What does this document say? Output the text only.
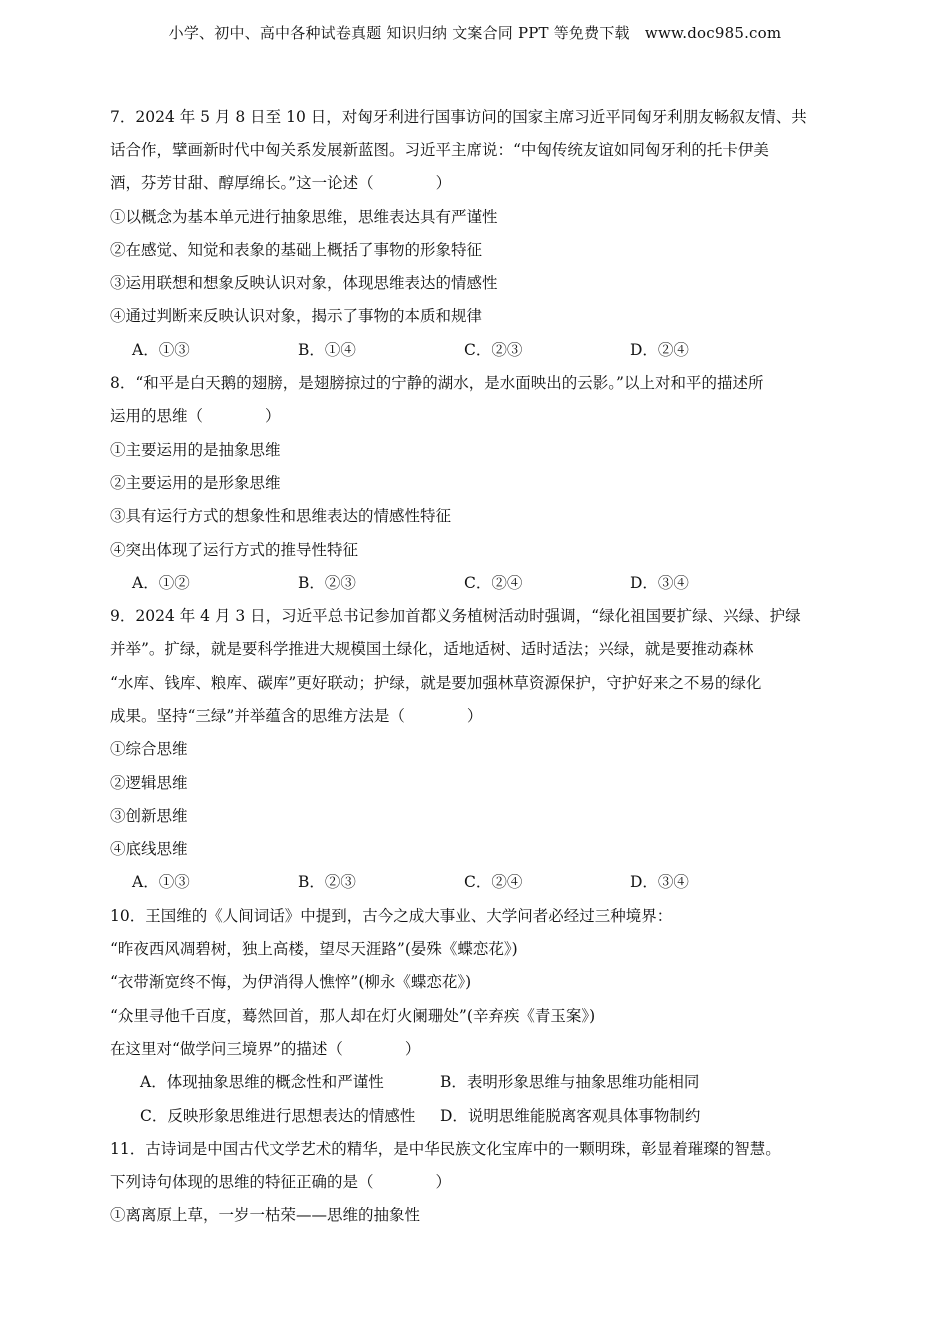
小学、初中、高中各种试卷真题 知识归纳 文案合同 PPT 等免费下载　www.doc985.com

7．2024 年 5 月 8 日至 10 日，对匈牙利进行国事访问的国家主席习近平同匈牙利朋友畅叙友情、共

话合作，擘画新时代中匈关系发展新蓝图。习近平主席说：“中匈传统友谊如同匈牙利的托卡伊美

酒，芬芳甘甜、醇厚绵长。”这一论述（　　　　）

①以概念为基本单元进行抽象思维，思维表达具有严谨性

②在感觉、知觉和表象的基础上概括了事物的形象特征

③运用联想和想象反映认识对象，体现思维表达的情感性

④通过判断来反映认识对象，揭示了事物的本质和规律

A．①③	B．①④	C．②③	D．②④

8．“和平是白天鹅的翅膀，是翅膀掠过的宁静的湖水，是水面映出的云影。”以上对和平的描述所

运用的思维（　　　　）

①主要运用的是抽象思维

②主要运用的是形象思维

③具有运行方式的想象性和思维表达的情感性特征

④突出体现了运行方式的推导性特征

A．①②	B．②③	C．②④	D．③④

9．2024 年 4 月 3 日，习近平总书记参加首都义务植树活动时强调，“绿化祖国要扩绿、兴绿、护绿

并举”。扩绿，就是要科学推进大规模国土绿化，适地适树、适时适法；兴绿，就是要推动森林

“水库、钱库、粮库、碳库”更好联动；护绿，就是要加强林草资源保护，守护好来之不易的绿化

成果。坚持“三绿”并举蕴含的思维方法是（　　　　）

①综合思维

②逻辑思维

③创新思维

④底线思维

A．①③	B．②③	C．②④	D．③④

10．王国维的《人间词话》中提到，古今之成大事业、大学问者必经过三种境界：

“昨夜西风凋碧树，独上高楼，望尽天涯路”(晏殊《蝶恋花》)

“衣带渐宽终不悔，为伊消得人憔悴”(柳永《蝶恋花》)

“众里寻他千百度，蓦然回首，那人却在灯火阑珊处”(辛弃疾《青玉案》)

在这里对“做学问三境界”的描述（　　　　）

A．体现抽象思维的概念性和严谨性	B．表明形象思维与抽象思维功能相同
C．反映形象思维进行思想表达的情感性	D．说明思维能脱离客观具体事物制约

11．古诗词是中国古代文学艺术的精华，是中华民族文化宝库中的一颗明珠，彰显着璀璨的智慧。

下列诗句体现的思维的特征正确的是（　　　　）

①离离原上草，一岁一枯荣——思维的抽象性
